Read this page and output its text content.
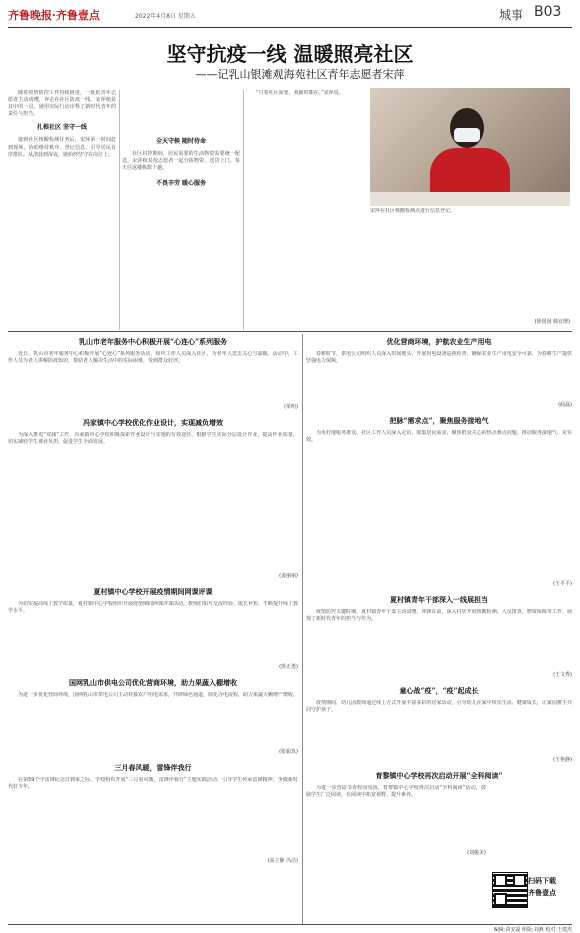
齐鲁晚报·齐鲁壹点	2022年4月8日 星期五	城事 B03
坚守抗疫一线 温暖照亮社区
——记乳山银滩观海苑社区青年志愿者宋萍

随着疫情防控工作持续推进，一批批青年志愿者主动请缨，奔走在社区防疫一线。宋萍便是其中的一员，她用实际行动诠释了新时代青年的责任与担当。

扎根社区 坚守一线

接到社区核酸检测任务后，宋萍第一时间赶到现场，协助维持秩序、登记信息、引导居民有序排队。从清晨到深夜，她始终坚守在岗位上。

全天守候 随时待命

社区封控期间，居民需要的生活物资需要统一配送，宋萍和其他志愿者一起分拣物资、送货上门，每天往返楼栋数十趟。

不畏辛劳 暖心服务

“只要社区需要，我随时都在。”宋萍说。

宋萍在社区核酸检测点进行信息登记。
(徐国园 韩宜增)
乳山市老年服务中心积极开展“心连心”系列服务
近日，乳山市老年服务中心积极开展“心连心”系列服务活动，组织工作人员深入社区，为老年人送去关心与温暖。活动中，工作人员为老人讲解防疫知识，帮助老人解决生活中的实际困难，受到群众好评。
(单明)
冯家镇中心学校优化作业设计，实现减负增效
为深入推进“双减”工作，冯家镇中心学校积极探索作业设计与实施的有效途径，根据学生实际分层设计作业，提高作业质量，切实减轻学生课业负担，促进学生全面发展。
(姜丽丽)
夏村镇中心学校开展疫情期间网课评课
为切实提高线上教学质量，夏村镇中心学校组织开展疫情期间网课评课活动，教师们相互交流经验、取长补短，不断提升线上教学水平。
(徐正勇)
国网乳山市供电公司优化营商环境，助力果蔬入棚增收
为进一步优化营商环境，国网乳山市供电公司主动对接农户用电需求，开辟绿色通道，简化办电流程，助力果蔬大棚增产增收。
(张振玖)
三月春风暖，雷锋伴我行
在第59个学雷锋纪念日到来之际，学校组织开展“三月春风暖，雷锋伴我行”主题实践活动，引导学生传承雷锋精神，争做新时代好少年。
(高立静 冯洁)
优化营商环境，护航农业生产用电
春耕时节，供电公司组织人员深入田间地头，开展用电设备巡视检查，确保农业生产用电安全可靠，为春耕生产提供坚强电力保障。
(曲磊)
把脉“需求点”，聚焦服务接地气
为更好地服务群众，社区工作人员深入走访，收集居民需求，聚焦群众关心的热点难点问题，推动服务接地气、见实效。
(王平平)
夏村镇青年干部深入一线展担当
疫情防控关键时期，夏村镇青年干部主动请缨，冲锋在前，深入村居开展核酸检测、人员排查、物资保障等工作，展现了新时代青年的担当与作为。
(王文秀)
童心战“疫”，“疫”起成长
疫情期间，幼儿园教师通过线上方式开展丰富多彩的居家活动，引导幼儿在家中快乐生活、健康成长，让家园携手共同守护孩子。
(王艳静)
育黎镇中心学校再次启动开展“全科阅读”
为进一步营造书香校园氛围，育黎镇中心学校再次启动“全科阅读”活动，鼓励学生广泛阅读，在阅读中拓宽视野、提升素养。
(刘俊美)
扫码下载
齐鲁壹点
编辑:苗安磊 组版:刘燕 校对:王建杰
